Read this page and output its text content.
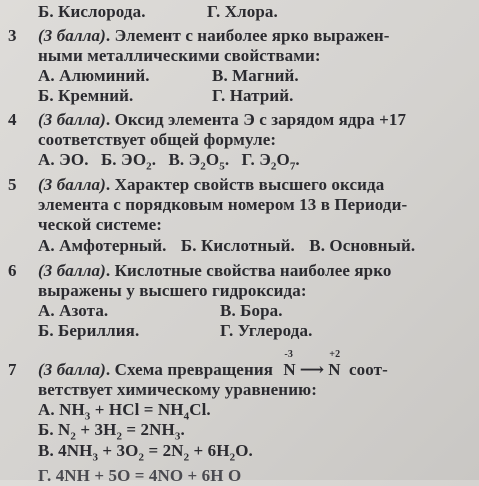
Б. Кислорода.	Г. Хлора.
3	(3 балла). Элемент с наиболее ярко выражен-
ными металлическими свойствами:
А. Алюминий.	В. Магний.
Б. Кремний.	Г. Натрий.
4	(3 балла). Оксид элемента Э с зарядом ядра +17
соответствует общей формуле:
А. ЭО. Б. $ЭО_2$. В. $Э_2О_5$. Г. $Э_2О_7$.
5	(3 балла). Характер свойств высшего оксида
элемента с порядковым номером 13 в Периоди-
ческой системе:
А. Амфотерный. Б. Кислотный. В. Основный.
6	(3 балла). Кислотные свойства наиболее ярко
выражены у высшего гидроксида:
А. Азота.	В. Бора.
Б. Бериллия.	Г. Углерода.
7	(3 балла). Схема превращения
-3
N ⟶
+2
N соот-
ветствует химическому уравнению:
А. $NH_3$ + HCl = $NH_4Cl$.
Б. $N_2 + 3H_2 = 2NH_3$.
В. $4NH_3 + 3O_2 = 2N_2 + 6H_2O$.
Г. 4NH + 5O = 4NO + 6H O
